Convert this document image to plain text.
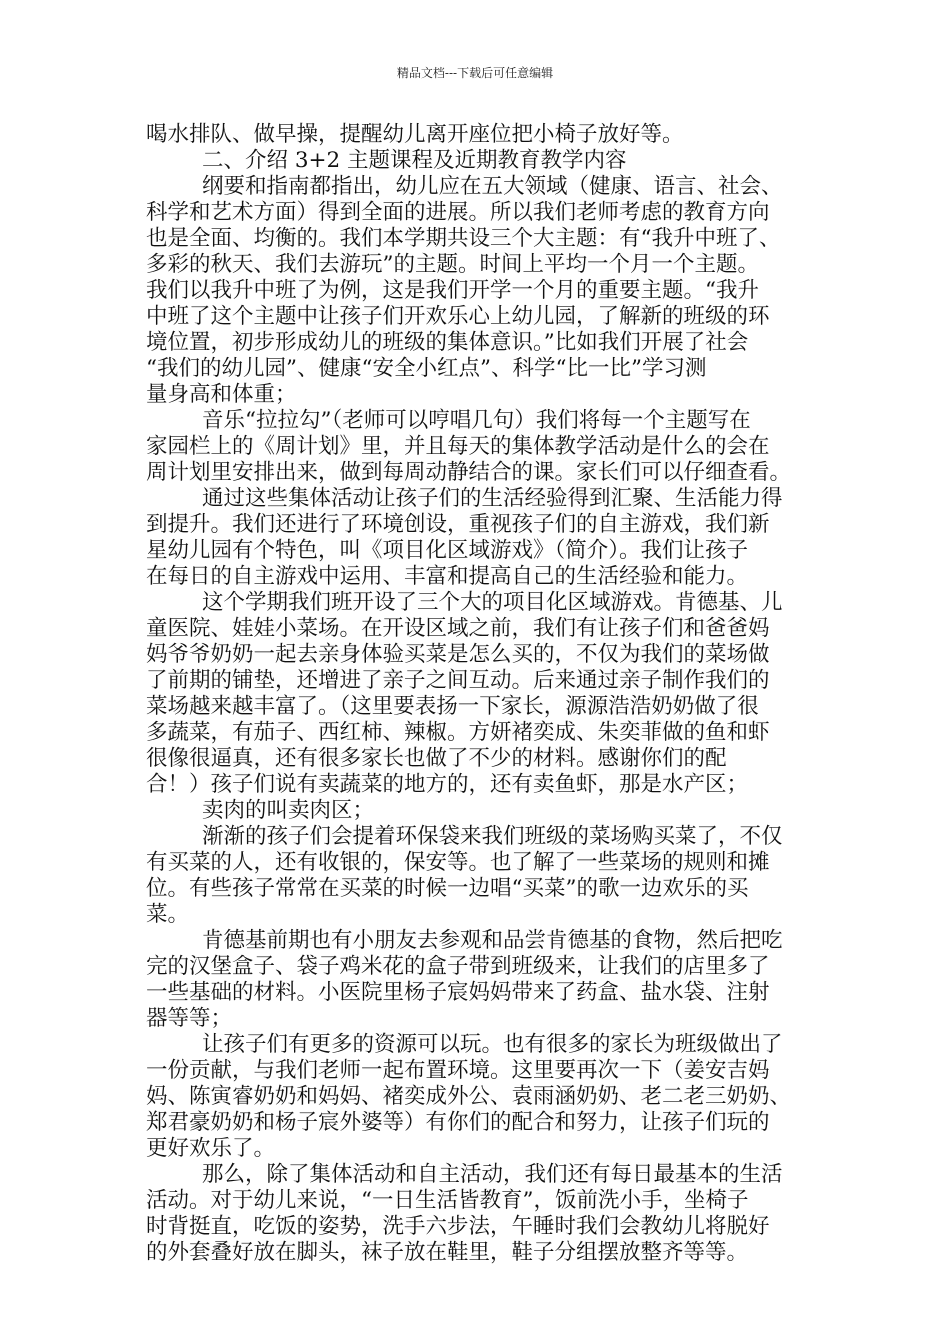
精品文档---下载后可任意编辑

喝水排队、做早操，提醒幼儿离开座位把小椅子放好等。

二、介绍 3+2 主题课程及近期教育教学内容

纲要和指南都指出，幼儿应在五大领域（健康、语言、社会、

科学和艺术方面）得到全面的进展。所以我们老师考虑的教育方向

也是全面、均衡的。我们本学期共设三个大主题：有“我升中班了、

多彩的秋天、我们去游玩”的主题。时间上平均一个月一个主题。

我们以我升中班了为例，这是我们开学一个月的重要主题。“我升

中班了这个主题中让孩子们开欢乐心上幼儿园，了解新的班级的环

境位置，初步形成幼儿的班级的集体意识。”比如我们开展了社会

“我们的幼儿园”、健康“安全小红点”、科学“比一比”学习测

量身高和体重；

音乐“拉拉勾”（老师可以哼唱几句）我们将每一个主题写在

家园栏上的《周计划》里，并且每天的集体教学活动是什么的会在

周计划里安排出来，做到每周动静结合的课。家长们可以仔细查看。

通过这些集体活动让孩子们的生活经验得到汇聚、生活能力得

到提升。我们还进行了环境创设，重视孩子们的自主游戏，我们新

星幼儿园有个特色，叫《项目化区域游戏》（简介）。我们让孩子

在每日的自主游戏中运用、丰富和提高自己的生活经验和能力。

这个学期我们班开设了三个大的项目化区域游戏。肯德基、儿

童医院、娃娃小菜场。在开设区域之前，我们有让孩子们和爸爸妈

妈爷爷奶奶一起去亲身体验买菜是怎么买的，不仅为我们的菜场做

了前期的铺垫，还增进了亲子之间互动。后来通过亲子制作我们的

菜场越来越丰富了。（这里要表扬一下家长，源源浩浩奶奶做了很

多蔬菜，有茄子、西红柿、辣椒。方妍褚奕成、朱奕菲做的鱼和虾

很像很逼真，还有很多家长也做了不少的材料。感谢你们的配

合！）孩子们说有卖蔬菜的地方的，还有卖鱼虾，那是水产区；

卖肉的叫卖肉区；

渐渐的孩子们会提着环保袋来我们班级的菜场购买菜了，不仅

有买菜的人，还有收银的，保安等。也了解了一些菜场的规则和摊

位。有些孩子常常在买菜的时候一边唱“买菜”的歌一边欢乐的买

菜。

肯德基前期也有小朋友去参观和品尝肯德基的食物，然后把吃

完的汉堡盒子、袋子鸡米花的盒子带到班级来，让我们的店里多了

一些基础的材料。小医院里杨子宸妈妈带来了药盒、盐水袋、注射

器等等；

让孩子们有更多的资源可以玩。也有很多的家长为班级做出了

一份贡献，与我们老师一起布置环境。这里要再次一下（姜安吉妈

妈、陈寅睿奶奶和妈妈、褚奕成外公、袁雨涵奶奶、老二老三奶奶、

郑君豪奶奶和杨子宸外婆等）有你们的配合和努力，让孩子们玩的

更好欢乐了。

那么，除了集体活动和自主活动，我们还有每日最基本的生活

活动。对于幼儿来说，“一日生活皆教育”，饭前洗小手，坐椅子

时背挺直，吃饭的姿势，洗手六步法，午睡时我们会教幼儿将脱好

的外套叠好放在脚头，袜子放在鞋里，鞋子分组摆放整齐等等。
